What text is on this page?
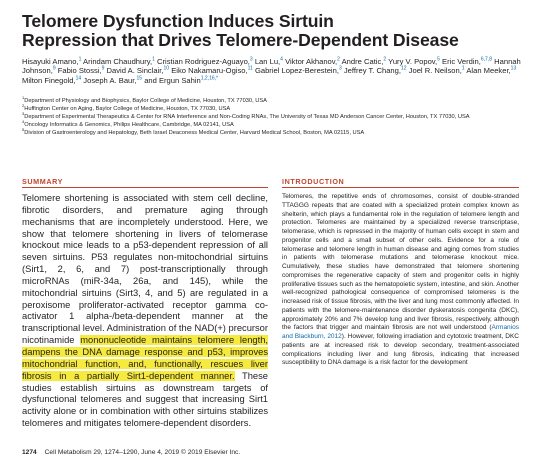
Telomere Dysfunction Induces Sirtuin
Repression that Drives Telomere-Dependent Disease
Hisayuki Amano,$^1$ Arindam Chaudhury,$^1$ Cristian Rodriguez-Aguayo,$^3$ Lan Lu,$^4$ Viktor Akhanov,$^2$ Andre Catic,$^2$ Yury V. Popov,$^5$ Eric Verdin,$^{6,7,8}$ Hannah Johnson,$^9$ Fabio Stossi,$^9$ David A. Sinclair,$^{10}$ Eiko Nakamaru-Ogiso,$^{11}$ Gabriel Lopez-Berestein,$^3$ Jeffrey T. Chang,$^{12}$ Joel R. Neilson,$^1$ Alan Meeker,$^{13}$ Milton Finegold,$^{14}$ Joseph A. Baur,$^{15}$ and Ergun Sahin$^{1,2,16,*}$

$^1$Department of Physiology and Biophysics, Baylor College of Medicine, Houston, TX 77030, USA

$^2$Huffington Center on Aging, Baylor College of Medicine, Houston, TX 77030, USA

$^3$Department of Experimental Therapeutics & Center for RNA Interference and Non-Coding RNAs, The University of Texas MD Anderson Cancer Center, Houston, TX 77030, USA

$^4$Oncology Informatics & Genomics, Philips Healthcare, Cambridge, MA 02141, USA

$^5$Division of Gastroenterology and Hepatology, Beth Israel Deaconess Medical Center, Harvard Medical School, Boston, MA 02115, USA

SUMMARY	INTRODUCTION

Telomere shortening is associated with stem cell decline, fibrotic disorders, and premature aging through mechanisms that are incompletely understood. Here, we show that telomere shortening in livers of telomerase knockout mice leads to a p53-dependent repression of all seven sirtuins. P53 regulates non-mitochondrial sirtuins (Sirt1, 2, 6, and 7) post-transcriptionally through microRNAs (miR-34a, 26a, and 145), while the mitochondrial sirtuins (Sirt3, 4, and 5) are regulated in a peroxisome proliferator-activated receptor gamma co-activator 1 alpha-/beta-dependent manner at the transcriptional level. Administration of the NAD(+) precursor nicotinamide mononucleotide maintains telomere length, dampens the DNA damage response and p53, improves mitochondrial function, and, functionally, rescues liver fibrosis in a partially Sirt1-dependent manner. These studies establish sirtuins as downstream targets of dysfunctional telomeres and suggest that increasing Sirt1 activity alone or in combination with other sirtuins stabilizes telomeres and mitigates telomere-dependent disorders.

Telomeres, the repetitive ends of chromosomes, consist of double-stranded TTAGGG repeats that are coated with a specialized protein complex known as shelterin, which plays a fundamental role in the regulation of telomere length and protection. Telomeres are maintained by a specialized reverse transcriptase, telomerase, which is repressed in the majority of human cells except in stem and progenitor cells and a small subset of other cells. Evidence for a role of telomerase and telomere length in human disease and aging comes from studies in patients with telomerase mutations and telomerase knockout mice. Cumulatively, these studies have demonstrated that telomere shortening compromises the regenerative capacity of stem and progenitor cells in highly proliferative tissues such as the hematopoietic system, intestine, and skin. Another well-recognized pathological consequence of compromised telomeres is the increased risk of tissue fibrosis, with the liver and lung most commonly affected. In patients with the telomere-maintenance disorder dyskeratosis congenita (DKC), approximately 20% and 7% develop lung and liver fibrosis, respectively, although the factors that trigger and maintain fibrosis are not well understood (Armanios and Blackburn, 2012). However, following irradiation and cytotoxic treatment, DKC patients are at increased risk to develop secondary, treatment-associated complications including liver and lung fibrosis, indicating that increased susceptibility to DNA damage is a risk factor for the development

1274 Cell Metabolism 29, 1274–1290, June 4, 2019 © 2019 Elsevier Inc.
